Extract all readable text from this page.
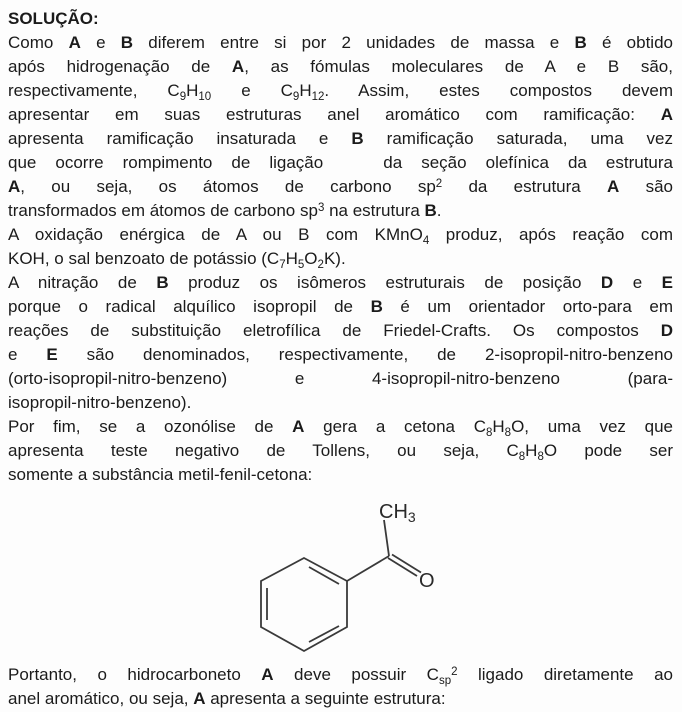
SOLUÇÃO:
Como A e B diferem entre si por 2 unidades de massa e B é obtido
após hidrogenação de A, as fómulas moleculares de A e B são,
respectivamente, $C_9H_{10}$ e $C_9H_{12}$. Assim, estes compostos devem
apresentar em suas estruturas anel aromático com ramificação: A
apresenta ramificação insaturada e B ramificação saturada, uma vez
que ocorre rompimento de ligação  da seção olefínica da estrutura
A, ou seja, os átomos de carbono $sp^2$ da estrutura A são
transformados em átomos de carbono $sp^3$ na estrutura B.
A oxidação enérgica de A ou B com KMnO$_4$ produz, após reação com
KOH, o sal benzoato de potássio $(C_7H_5O_2K)$.
A nitração de B produz os isômeros estruturais de posição D e E
porque o radical alquílico isopropil de B é um orientador orto-para em
reações de substituição eletrofílica de Friedel-Crafts. Os compostos D
e E são denominados, respectivamente, de 2-isopropil-nitro-benzeno
(orto-isopropil-nitro-benzeno) e 4-isopropil-nitro-benzeno (para-
isopropil-nitro-benzeno).
Por fim, se a ozonólise de A gera a cetona $C_8H_8O$, uma vez que
apresenta teste negativo de Tollens, ou seja, $C_8H_8O$ pode ser
somente a substância metil-fenil-cetona:
$CH_3$
O
Portanto, o hidrocarboneto A deve possuir $C_{sp}^2$ ligado diretamente ao
anel aromático, ou seja, A apresenta a seguinte estrutura:
